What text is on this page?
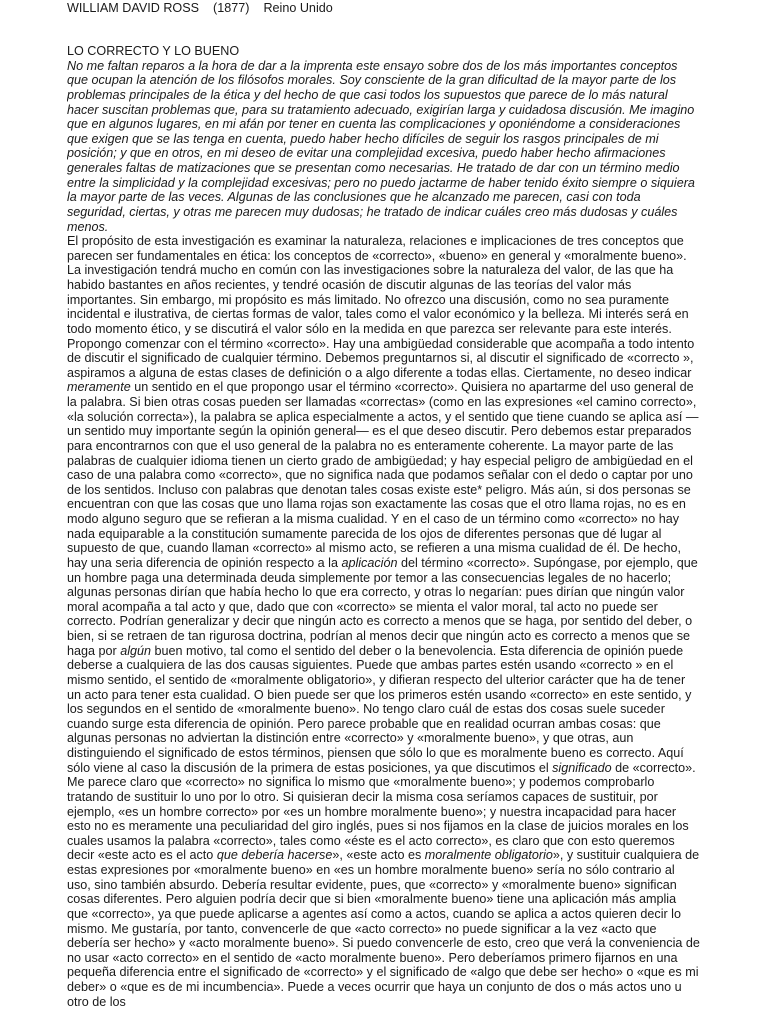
WILLIAM DAVID ROSS (1877) Reino Unido
LO CORRECTO Y LO BUENO

No me faltan reparos a la hora de dar a la imprenta este ensayo sobre dos de los más importantes conceptos que ocupan la atención de los filósofos morales. Soy consciente de la gran dificultad de la mayor parte de los problemas principales de la ética y del hecho de que casi todos los supuestos que parece de lo más natural hacer suscitan problemas que, para su tratamiento adecuado, exigirían larga y cuidadosa discusión. Me imagino que en algunos lugares, en mi afán por tener en cuenta las complicaciones y oponiéndome a consideraciones que exigen que se las tenga en cuenta, puedo haber hecho difíciles de seguir los rasgos principales de mi posición; y que en otros, en mi deseo de evitar una complejidad excesiva, puedo haber hecho afirmaciones generales faltas de matizaciones que se presentan como necesarias. He tratado de dar con un término medio entre la simplicidad y la complejidad excesivas; pero no puedo jactarme de haber tenido éxito siempre o siquiera la mayor parte de las veces. Algunas de las conclusiones que he alcanzado me parecen, casi con toda seguridad, ciertas, y otras me parecen muy dudosas; he tratado de indicar cuáles creo más dudosas y cuáles menos.

El propósito de esta investigación es examinar la naturaleza, relaciones e implicaciones de tres conceptos que parecen ser fundamentales en ética: los conceptos de «correcto», «bueno» en general y «moralmente bueno». La investigación tendrá mucho en común con las investigaciones sobre la naturaleza del valor, de las que ha habido bastantes en años recientes, y tendré ocasión de discutir algunas de las teorías del valor más importantes. Sin embargo, mi propósito es más limitado. No ofrezco una discusión, como no sea puramente incidental e ilustrativa, de ciertas formas de valor, tales como el valor económico y la belleza. Mi interés será en todo momento ético, y se discutirá el valor sólo en la medida en que parezca ser relevante para este interés.

Propongo comenzar con el término «correcto». Hay una ambigüedad considerable que acompaña a todo intento de discutir el significado de cualquier término. Debemos preguntarnos si, al discutir el significado de «correcto », aspiramos a alguna de estas clases de definición o a algo diferente a todas ellas. Ciertamente, no deseo indicar meramente un sentido en el que propongo usar el término «correcto». Quisiera no apartarme del uso general de la palabra. Si bien otras cosas pueden ser llamadas «correctas» (como en las expresiones «el camino correcto», «la solución correcta»), la palabra se aplica especialmente a actos, y el sentido que tiene cuando se aplica así — un sentido muy importante según la opinión general— es el que deseo discutir. Pero debemos estar preparados para encontrarnos con que el uso general de la palabra no es enteramente coherente. La mayor parte de las palabras de cualquier idioma tienen un cierto grado de ambigüedad; y hay especial peligro de ambigüedad en el caso de una palabra como «correcto», que no significa nada que podamos señalar con el dedo o captar por uno de los sentidos. Incluso con palabras que denotan tales cosas existe este* peligro. Más aún, si dos personas se encuentran con que las cosas que uno llama rojas son exactamente las cosas que el otro llama rojas, no es en modo alguno seguro que se refieran a la misma cualidad. Y en el caso de un término como «correcto» no hay nada equiparable a la constitución sumamente parecida de los ojos de diferentes personas que dé lugar al supuesto de que, cuando llaman «correcto» al mismo acto, se refieren a una misma cualidad de él. De hecho, hay una seria diferencia de opinión respecto a la aplicación del término «correcto». Supóngase, por ejemplo, que un hombre paga una determinada deuda simplemente por temor a las consecuencias legales de no hacerlo; algunas personas dirían que había hecho lo que era correcto, y otras lo negarían: pues dirían que ningún valor moral acompaña a tal acto y que, dado que con «correcto» se mienta el valor moral, tal acto no puede ser correcto. Podrían generalizar y decir que ningún acto es correcto a menos que se haga, por sentido del deber, o bien, si se retraen de tan rigurosa doctrina, podrían al menos decir que ningún acto es correcto a menos que se haga por algún buen motivo, tal como el sentido del deber o la benevolencia. Esta diferencia de opinión puede deberse a cualquiera de las dos causas siguientes. Puede que ambas partes estén usando «correcto » en el mismo sentido, el sentido de «moralmente obligatorio», y difieran respecto del ulterior carácter que ha de tener un acto para tener esta cualidad. O bien puede ser que los primeros estén usando «correcto» en este sentido, y los segundos en el sentido de «moralmente bueno». No tengo claro cuál de estas dos cosas suele suceder cuando surge esta diferencia de opinión. Pero parece probable que en realidad ocurran ambas cosas: que algunas personas no adviertan la distinción entre «correcto» y «moralmente bueno», y que otras, aun distinguiendo el significado de estos términos, piensen que sólo lo que es moralmente bueno es correcto. Aquí sólo viene al caso la discusión de la primera de estas posiciones, ya que discutimos el significado de «correcto».

Me parece claro que «correcto» no significa lo mismo que «moralmente bueno»; y podemos comprobarlo tratando de sustituir lo uno por lo otro. Si quisieran decir la misma cosa seríamos capaces de sustituir, por ejemplo, «es un hombre correcto» por «es un hombre moralmente bueno»; y nuestra incapacidad para hacer esto no es meramente una peculiaridad del giro inglés, pues si nos fijamos en la clase de juicios morales en los cuales usamos la palabra «correcto», tales como «éste es el acto correcto», es claro que con esto queremos decir «este acto es el acto que debería hacerse», «este acto es moralmente obligatorio», y sustituir cualquiera de estas expresiones por «moralmente bueno» en «es un hombre moralmente bueno» sería no sólo contrario al uso, sino también absurdo. Debería resultar evidente, pues, que «correcto» y «moralmente bueno» significan cosas diferentes. Pero alguien podría decir que si bien «moralmente bueno» tiene una aplicación más amplia que «correcto», ya que puede aplicarse a agentes así como a actos, cuando se aplica a actos quieren decir lo mismo. Me gustaría, por tanto, convencerle de que «acto correcto» no puede significar a la vez «acto que debería ser hecho» y «acto moralmente bueno». Si puedo convencerle de esto, creo que verá la conveniencia de no usar «acto correcto» en el sentido de «acto moralmente bueno». Pero deberíamos primero fijarnos en una pequeña diferencia entre el significado de «correcto» y el significado de «algo que debe ser hecho» o «que es mi deber» o «que es de mi incumbencia». Puede a veces ocurrir que haya un conjunto de dos o más actos uno u otro de los
